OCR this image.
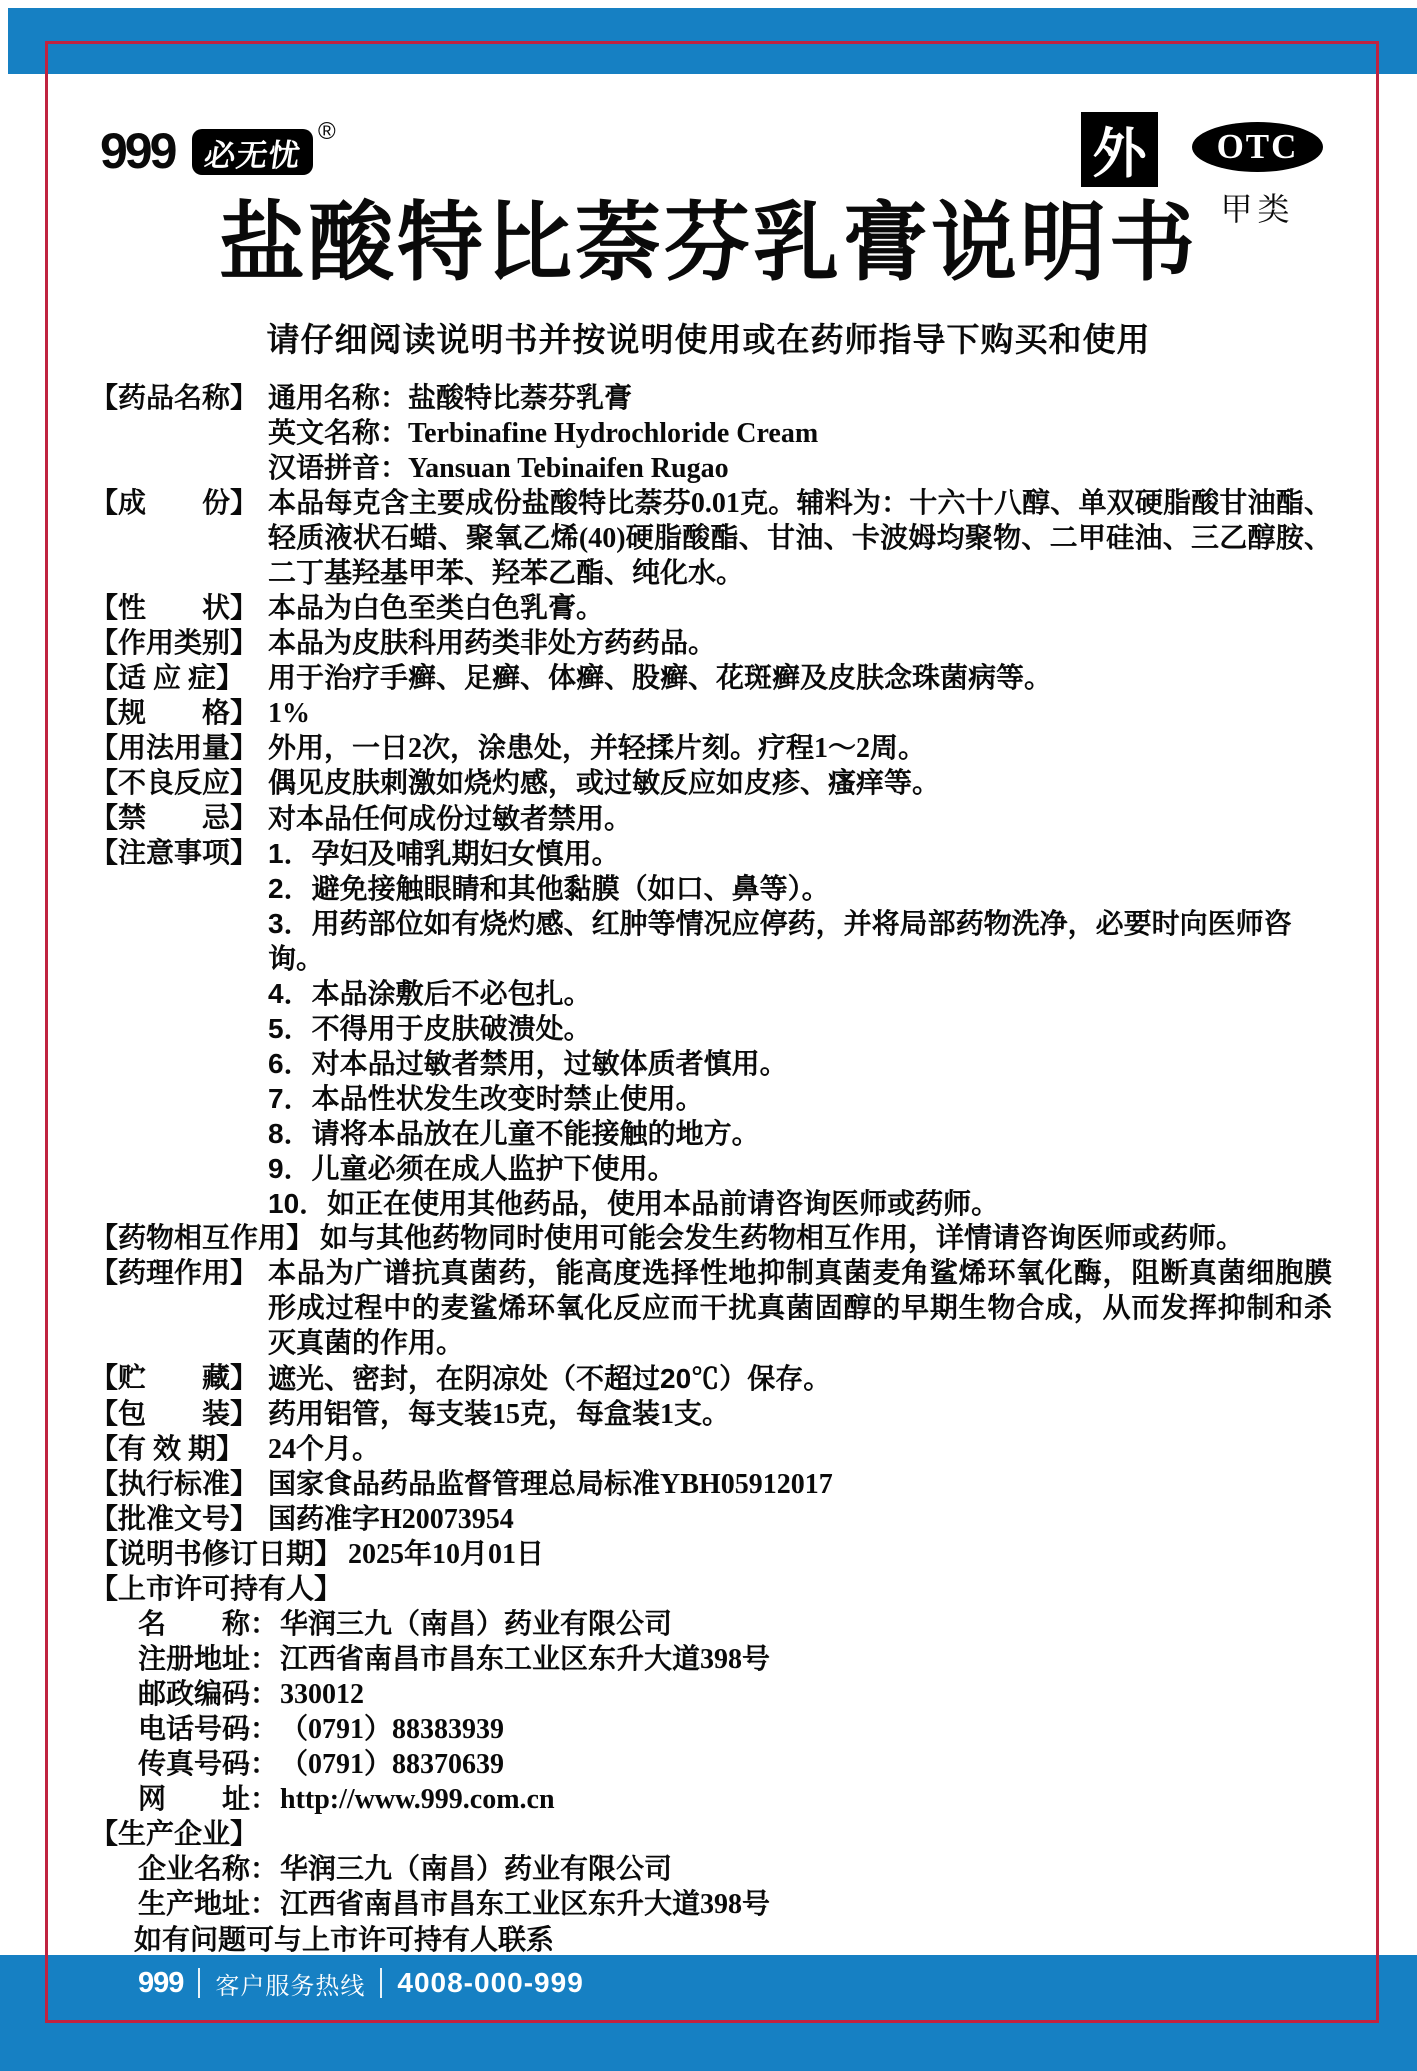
999 必无忧
®	外	OTC
甲类
盐酸特比萘芬乳膏说明书
请仔细阅读说明书并按说明使用或在药师指导下购买和使用
【药品名称】 通用名称：盐酸特比萘芬乳膏
英文名称：Terbinafine Hydrochloride Cream
汉语拼音：Yansuan Tebinaifen Rugao
【成　　份】 本品每克含主要成份盐酸特比萘芬0.01克。辅料为：十六十八醇、单双硬脂酸甘油酯、轻质液状石蜡、聚氧乙烯(40)硬脂酸酯、甘油、卡波姆均聚物、二甲硅油、三乙醇胺、二丁基羟基甲苯、羟苯乙酯、纯化水。
【性　　状】 本品为白色至类白色乳膏。
【作用类别】 本品为皮肤科用药类非处方药药品。
【适 应 症】 用于治疗手癣、足癣、体癣、股癣、花斑癣及皮肤念珠菌病等。
【规　　格】 1%
【用法用量】 外用，一日2次，涂患处，并轻揉片刻。疗程1～2周。
【不良反应】 偶见皮肤刺激如烧灼感，或过敏反应如皮疹、瘙痒等。
【禁　　忌】 对本品任何成份过敏者禁用。
【注意事项】 1．孕妇及哺乳期妇女慎用。
2．避免接触眼睛和其他黏膜（如口、鼻等）。
3．用药部位如有烧灼感、红肿等情况应停药，并将局部药物洗净，必要时向医师咨询。
4．本品涂敷后不必包扎。
5．不得用于皮肤破溃处。
6．对本品过敏者禁用，过敏体质者慎用。
7．本品性状发生改变时禁止使用。
8．请将本品放在儿童不能接触的地方。
9．儿童必须在成人监护下使用。
10．如正在使用其他药品，使用本品前请咨询医师或药师。
【药物相互作用】 如与其他药物同时使用可能会发生药物相互作用，详情请咨询医师或药师。
【药理作用】 本品为广谱抗真菌药，能高度选择性地抑制真菌麦角鲨烯环氧化酶，阻断真菌细胞膜形成过程中的麦鲨烯环氧化反应而干扰真菌固醇的早期生物合成，从而发挥抑制和杀灭真菌的作用。
【贮　　藏】 遮光、密封，在阴凉处（不超过20℃）保存。
【包　　装】 药用铝管，每支装15克，每盒装1支。
【有 效 期】 24个月。
【执行标准】 国家食品药品监督管理总局标准YBH05912017
【批准文号】 国药准字H20073954
【说明书修订日期】 2025年10月01日
【上市许可持有人】
名　　称： 华润三九（南昌）药业有限公司
注册地址： 江西省南昌市昌东工业区东升大道398号
邮政编码： 330012
电话号码： （0791）88383939
传真号码： （0791）88370639
网　　址： http://www.999.com.cn
【生产企业】
企业名称： 华润三九（南昌）药业有限公司
生产地址： 江西省南昌市昌东工业区东升大道398号
如有问题可与上市许可持有人联系
999 客户服务热线 4008-000-999
